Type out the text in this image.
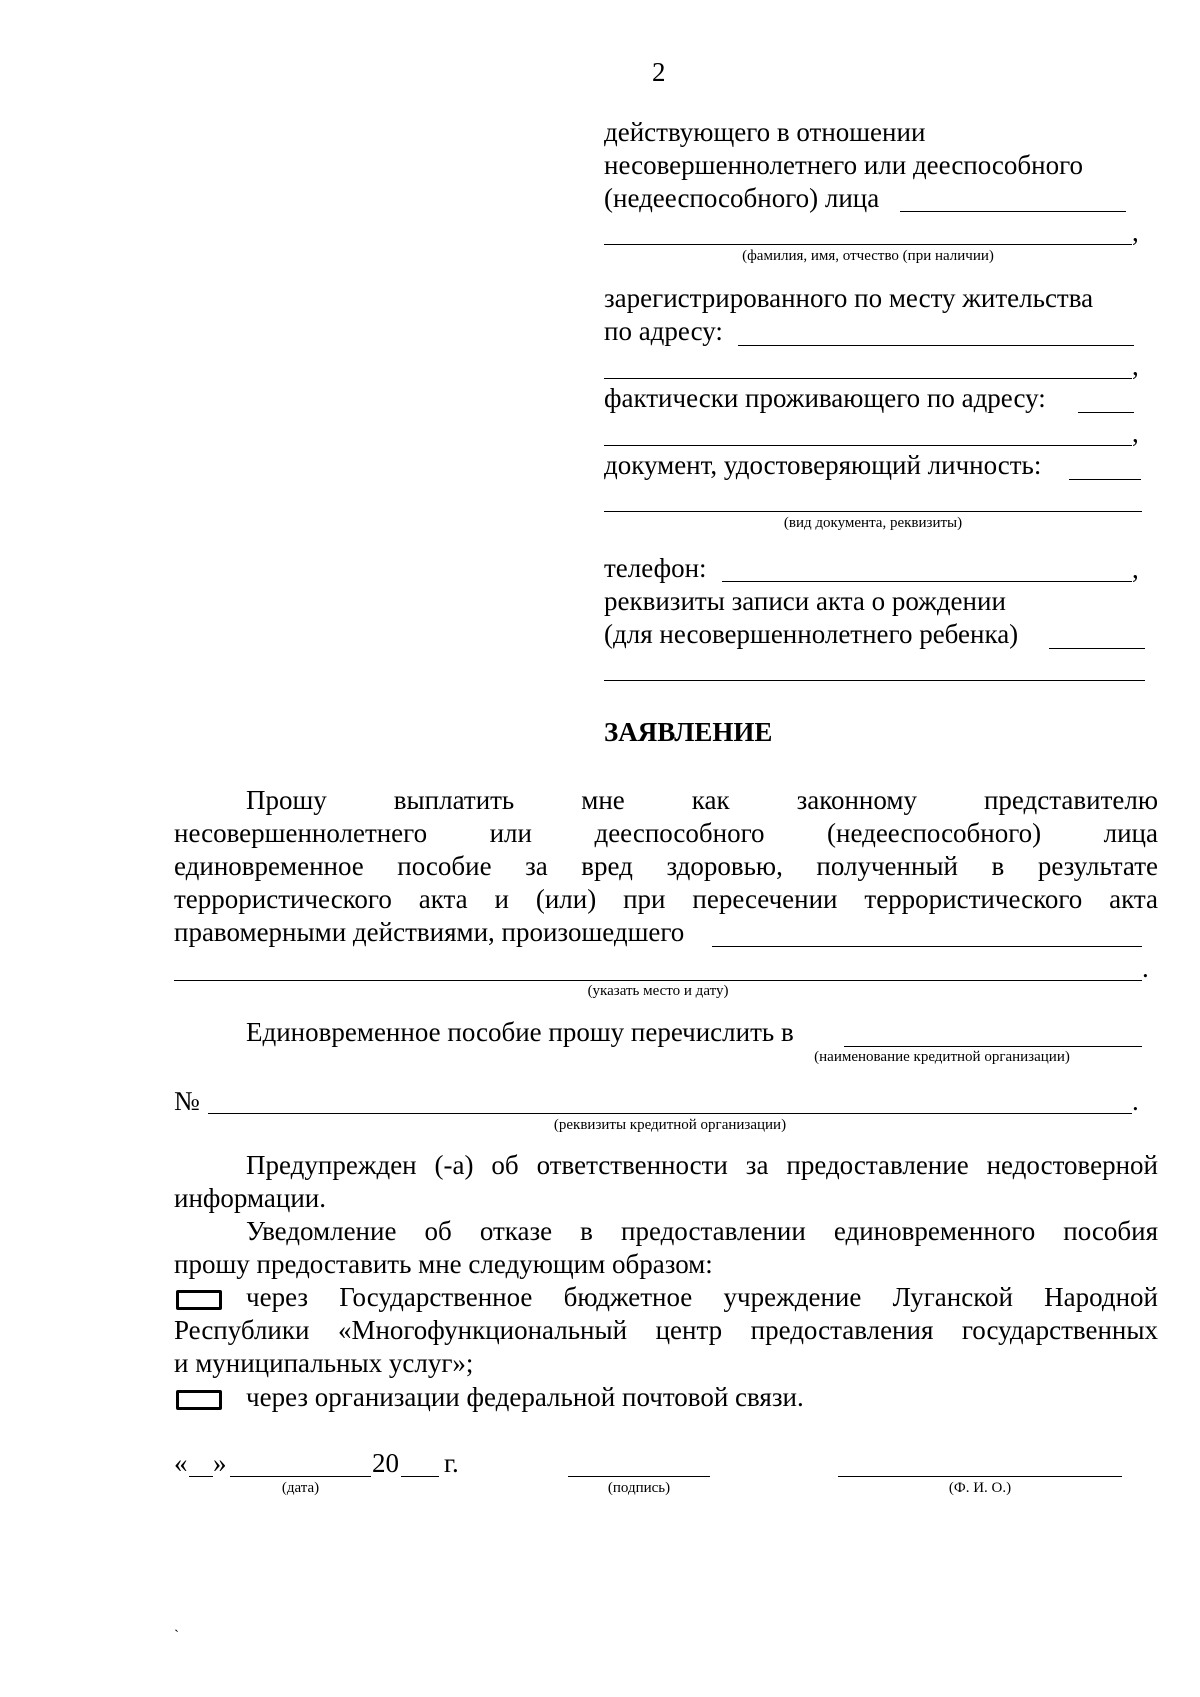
2
действующего в отношении
несовершеннолетнего или дееспособного
(недееспособного) лица
,
(фамилия, имя, отчество (при наличии)
зарегистрированного по месту жительства
по адресу:
,
фактически проживающего по адресу:
,
документ, удостоверяющий личность:
(вид документа, реквизиты)
телефон:	,
реквизиты записи акта о рождении
(для несовершеннолетнего ребенка)
ЗАЯВЛЕНИЕ
Прошу выплатить мне как законному представителю
несовершеннолетнего или дееспособного (недееспособного) лица
единовременное пособие за вред здоровью, полученный в результате
террористического акта и (или) при пересечении террористического акта
правомерными действиями, произошедшего
.
(указать место и дату)
Единовременное пособие прошу перечислить в
(наименование кредитной организации)
№	.
(реквизиты кредитной организации)
Предупрежден (-а) об ответственности за предоставление недостоверной
информации.
Уведомление об отказе в предоставлении единовременного пособия
прошу предоставить мне следующим образом:
через Государственное бюджетное учреждение Луганской Народной
Республики «Многофункциональный центр предоставления государственных
и муниципальных услуг»;
через организации федеральной почтовой связи.
« »	20 г.
(дата)	(подпись)	(Ф. И. О.)
`
